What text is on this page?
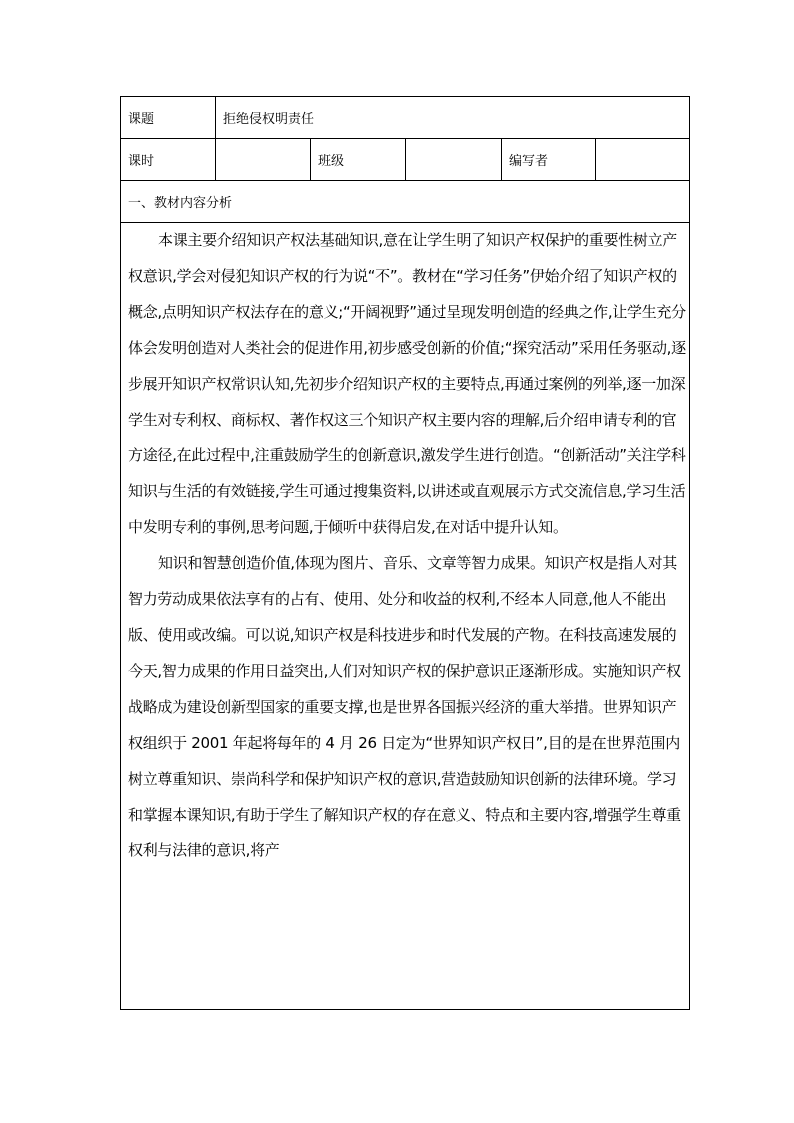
课题	拒绝侵权明责任				
课时		班级		编写者	
一、教材内容分析					

本课主要介绍知识产权法基础知识,意在让学生明了知识产权保护的重要性树立产权意识,学会对侵犯知识产权的行为说“不”。教材在“学习任务”伊始介绍了知识产权的概念,点明知识产权法存在的意义;“开阔视野”通过呈现发明创造的经典之作,让学生充分体会发明创造对人类社会的促进作用,初步感受创新的价值;“探究活动”采用任务驱动,逐步展开知识产权常识认知,先初步介绍知识产权的主要特点,再通过案例的列举,逐一加深学生对专利权、商标权、著作权这三个知识产权主要内容的理解,后介绍申请专利的官方途径,在此过程中,注重鼓励学生的创新意识,激发学生进行创造。“创新活动”关注学科知识与生活的有效链接,学生可通过搜集资料,以讲述或直观展示方式交流信息,学习生活中发明专利的事例,思考问题,于倾听中获得启发,在对话中提升认知。

知识和智慧创造价值,体现为图片、音乐、文章等智力成果。知识产权是指人对其智力劳动成果依法享有的占有、使用、处分和收益的权利,不经本人同意,他人不能出版、使用或改编。可以说,知识产权是科技进步和时代发展的产物。在科技高速发展的今天,智力成果的作用日益突出,人们对知识产权的保护意识正逐渐形成。实施知识产权战略成为建设创新型国家的重要支撑,也是世界各国振兴经济的重大举措。世界知识产权组织于 2001 年起将每年的 4 月 26 日定为“世界知识产权日”,目的是在世界范围内树立尊重知识、崇尚科学和保护知识产权的意识,营造鼓励知识创新的法律环境。学习和掌握本课知识,有助于学生了解知识产权的存在意义、特点和主要内容,增强学生尊重权利与法律的意识,将产					
